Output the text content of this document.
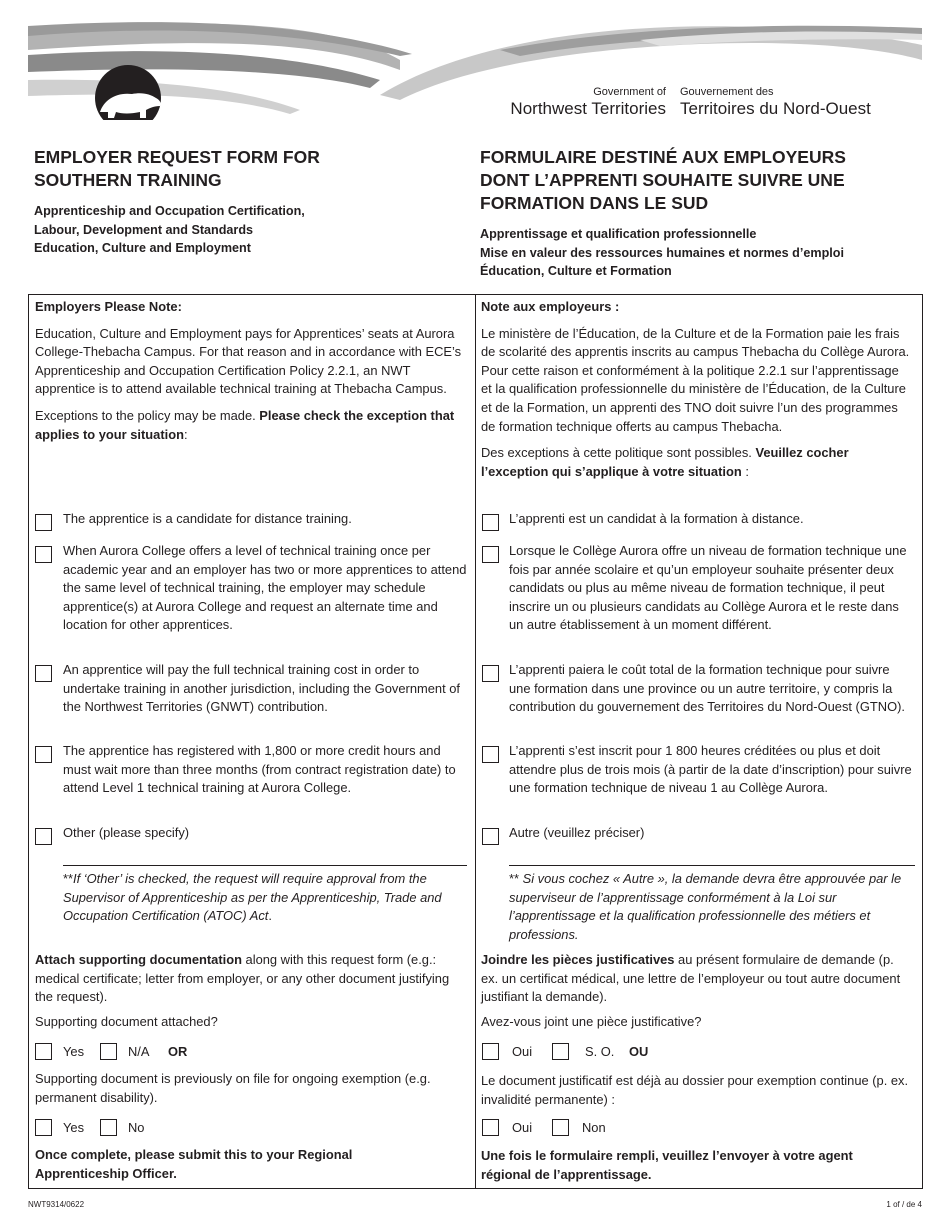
Government of
Northwest Territories
Gouvernement des
Territoires du Nord-Ouest
EMPLOYER REQUEST FORM FOR
SOUTHERN TRAINING
Apprenticeship and Occupation Certification,
Labour, Development and Standards
Education, Culture and Employment
FORMULAIRE DESTINÉ AUX EMPLOYEURS
DONT L’APPRENTI SOUHAITE SUIVRE UNE
FORMATION DANS LE SUD
Apprentissage et qualification professionnelle
Mise en valeur des ressources humaines et normes d’emploi
Éducation, Culture et Formation

Employers Please Note:

Education, Culture and Employment pays for Apprentices’ seats at Aurora College-Thebacha Campus. For that reason and in accordance with ECE’s Apprenticeship and Occupation Certification Policy 2.2.1, an NWT apprentice is to attend available technical training at Thebacha Campus.

Exceptions to the policy may be made. Please check the exception that applies to your situation:

The apprentice is a candidate for distance training.
When Aurora College offers a level of technical training once per academic year and an employer has two or more apprentices to attend the same level of technical training, the employer may schedule apprentice(s) at Aurora College and request an alternate time and location for other apprentices.
An apprentice will pay the full technical training cost in order to undertake training in another jurisdiction, including the Government of the Northwest Territories (GNWT) contribution.
The apprentice has registered with 1,800 or more credit hours and must wait more than three months (from contract registration date) to attend Level 1 technical training at Aurora College.
Other (please specify)
**If ‘Other’ is checked, the request will require approval from the Supervisor of Apprenticeship as per the Apprenticeship, Trade and Occupation Certification (ATOC) Act.

Attach supporting documentation along with this request form (e.g.: medical certificate; letter from employer, or any other document justifying the request).

Supporting document attached?

Yes	N/A OR
Supporting document is previously on file for ongoing exemption (e.g. permanent disability).
Yes	No
Once complete, please submit this to your Regional Apprenticeship Officer.

Note aux employeurs :

Le ministère de l’Éducation, de la Culture et de la Formation paie les frais de scolarité des apprentis inscrits au campus Thebacha du Collège Aurora. Pour cette raison et conformément à la politique 2.2.1 sur l’apprentissage et la qualification professionnelle du ministère de l’Éducation, de la Culture et de la Formation, un apprenti des TNO doit suivre l’un des programmes de formation technique offerts au campus Thebacha.

Des exceptions à cette politique sont possibles. Veuillez cocher l’exception qui s’applique à votre situation :

L’apprenti est un candidat à la formation à distance.
Lorsque le Collège Aurora offre un niveau de formation technique une fois par année scolaire et qu’un employeur souhaite présenter deux candidats ou plus au même niveau de formation technique, il peut inscrire un ou plusieurs candidats au Collège Aurora et le reste dans un autre établissement à un moment différent.
L’apprenti paiera le coût total de la formation technique pour suivre une formation dans une province ou un autre territoire, y compris la contribution du gouvernement des Territoires du Nord-Ouest (GTNO).
L’apprenti s’est inscrit pour 1 800 heures créditées ou plus et doit attendre plus de trois mois (à partir de la date d’inscription) pour suivre une formation technique de niveau 1 au Collège Aurora.
Autre (veuillez préciser)
** Si vous cochez « Autre », la demande devra être approuvée par le superviseur de l’apprentissage conformément à la Loi sur l’apprentissage et la qualification professionnelle des métiers et professions.

Joindre les pièces justificatives au présent formulaire de demande (p. ex. un certificat médical, une lettre de l’employeur ou tout autre document justifiant la demande).

Avez-vous joint une pièce justificative?

Oui	S. O. OU
Le document justificatif est déjà au dossier pour exemption continue (p. ex. invalidité permanente) :
Oui	Non
Une fois le formulaire rempli, veuillez l’envoyer à votre agent régional de l’apprentissage.
NWT9314/0622	1 of / de 4
